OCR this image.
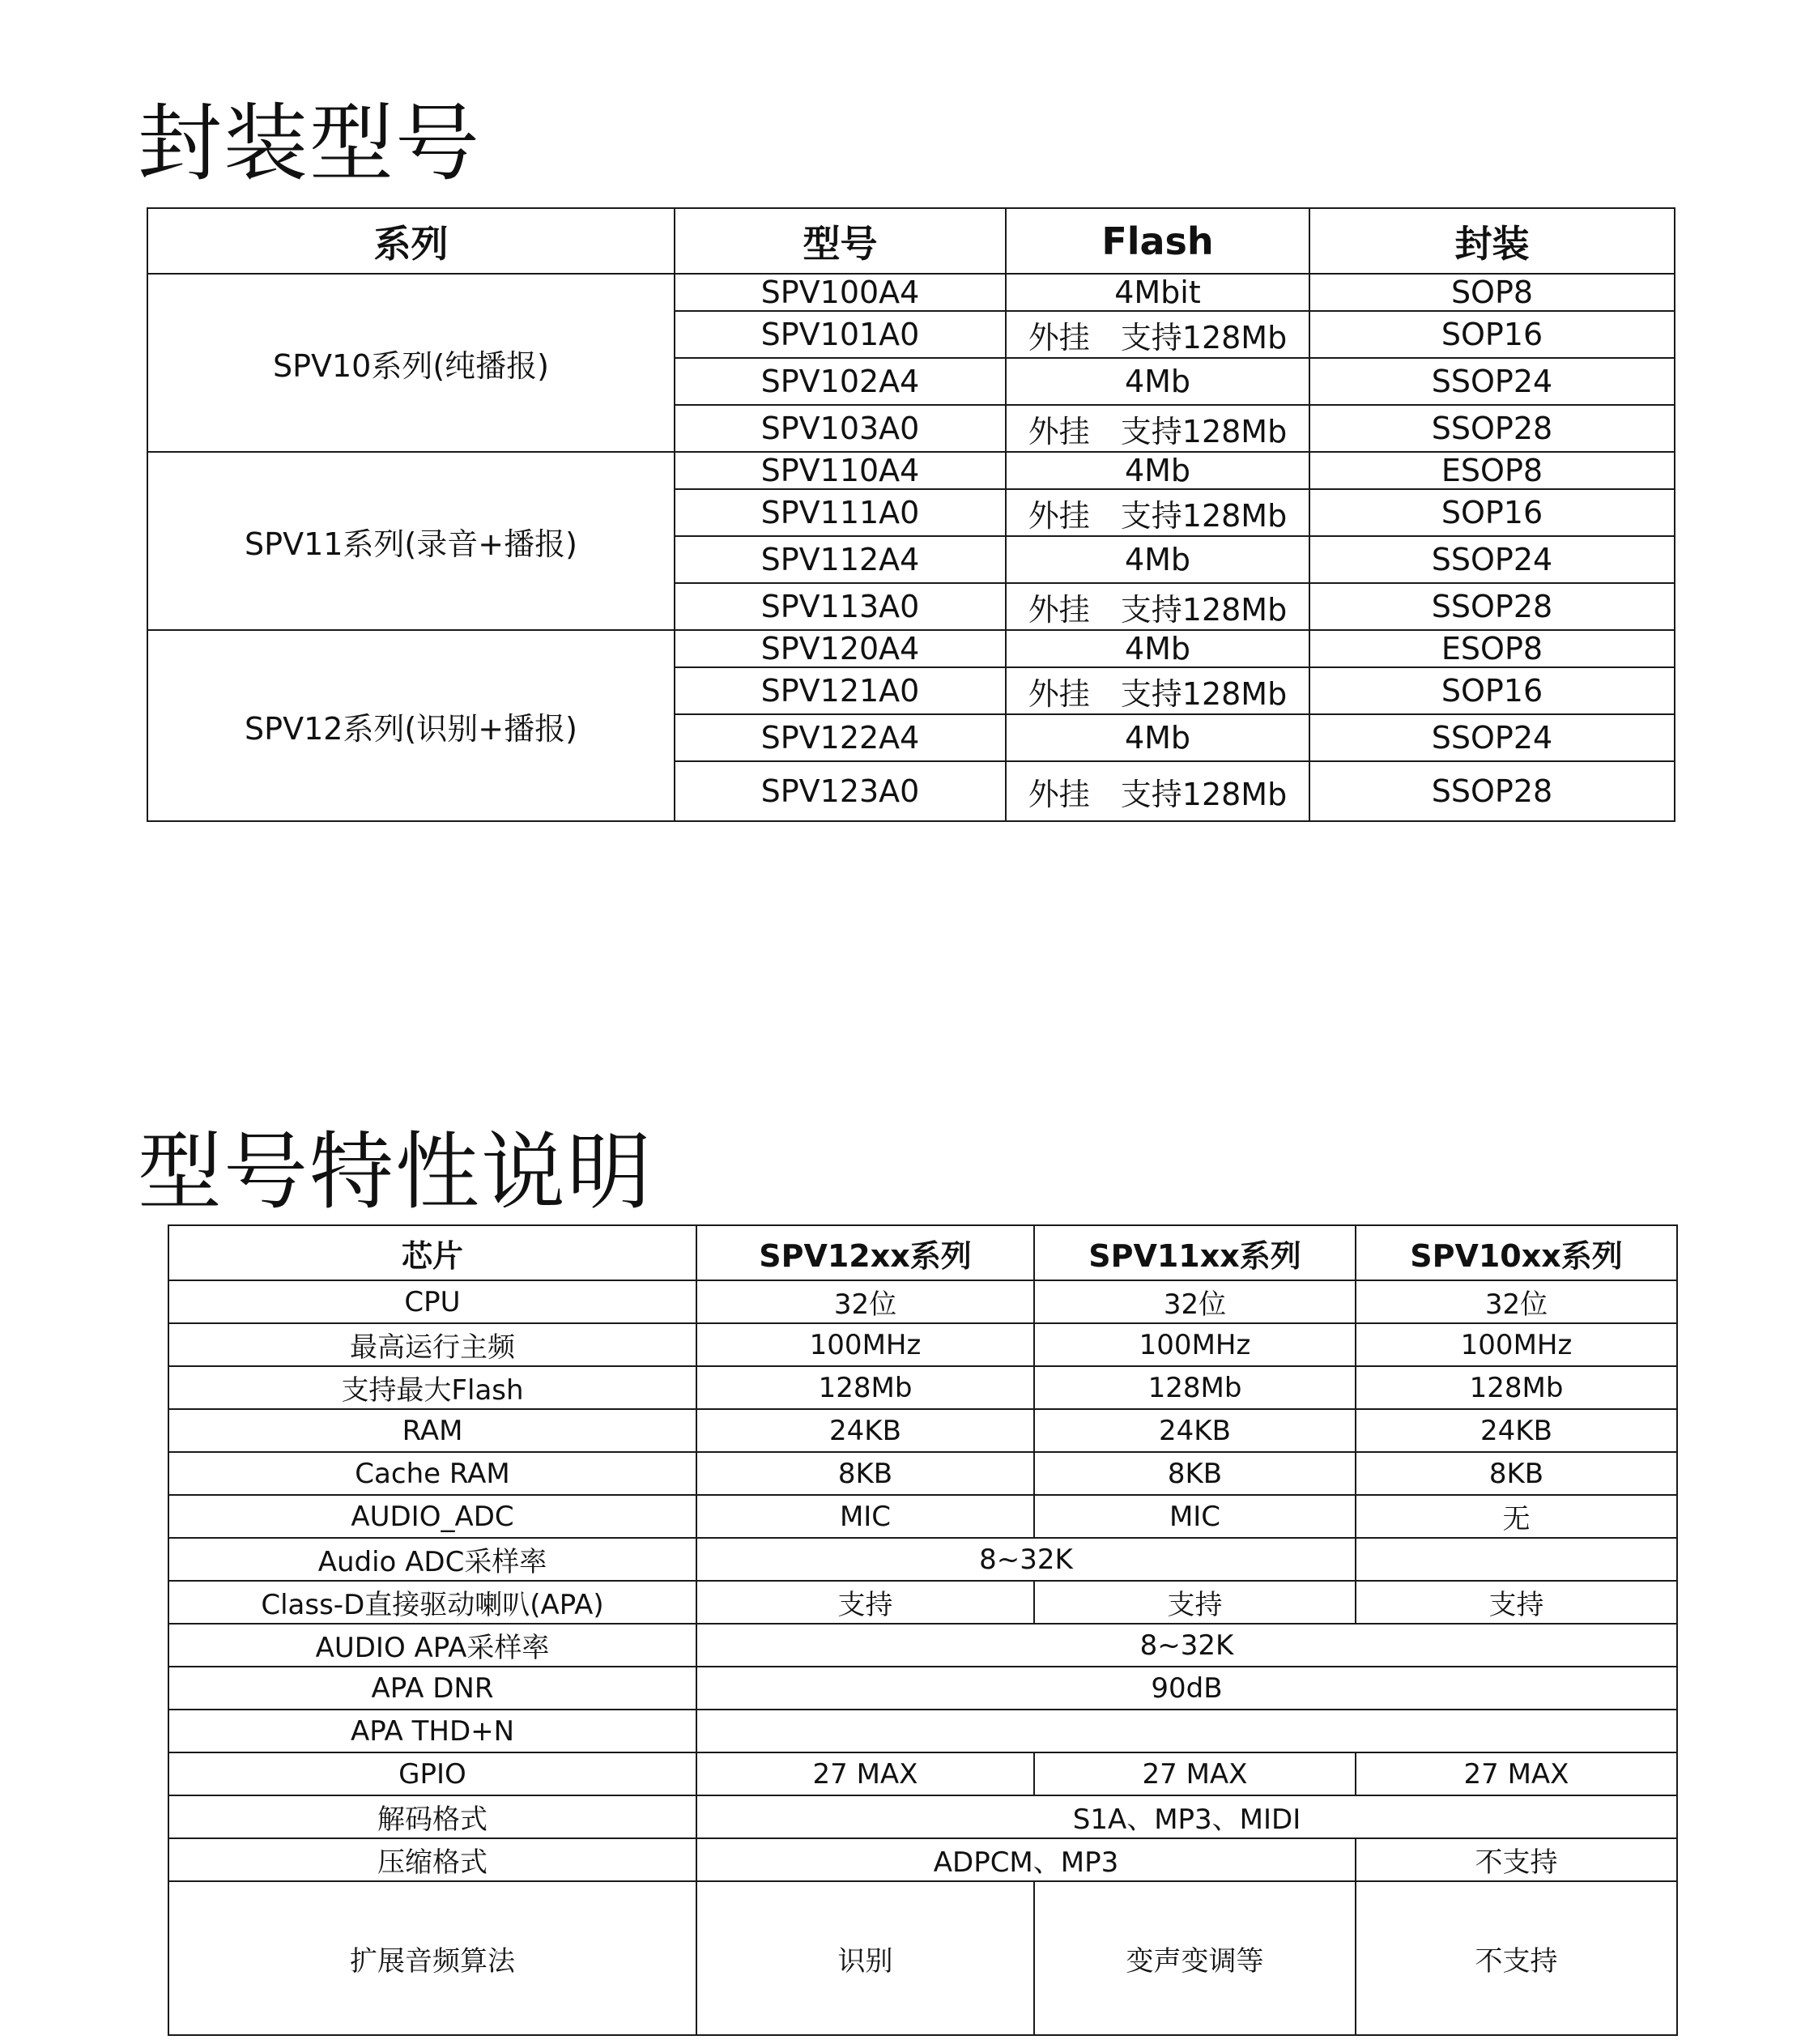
封装型号
系列	型号	Flash	封装
SPV10系列(纯播报)	SPV100A4	4Mbit	SOP8
	SPV101A0	外挂　支持128Mb	SOP16
	SPV102A4	4Mb	SSOP24
	SPV103A0	外挂　支持128Mb	SSOP28
SPV11系列(录音+播报)	SPV110A4	4Mb	ESOP8
	SPV111A0	外挂　支持128Mb	SOP16
	SPV112A4	4Mb	SSOP24
	SPV113A0	外挂　支持128Mb	SSOP28
SPV12系列(识别+播报)	SPV120A4	4Mb	ESOP8
	SPV121A0	外挂　支持128Mb	SOP16
	SPV122A4	4Mb	SSOP24
	SPV123A0	外挂　支持128Mb	SSOP28
型号特性说明
芯片	SPV12xx系列	SPV11xx系列	SPV10xx系列
CPU	32位	32位	32位
最高运行主频	100MHz	100MHz	100MHz
支持最大Flash	128Mb	128Mb	128Mb
RAM	24KB	24KB	24KB
Cache RAM	8KB	8KB	8KB
AUDIO_ADC	MIC	MIC	无
Audio ADC采样率	8~32K		
Class-D直接驱动喇叭(APA)	支持	支持	支持
AUDIO APA采样率	8~32K		
APA DNR	90dB		
APA THD+N			
GPIO	27 MAX	27 MAX	27 MAX
解码格式	S1A、MP3、MIDI		
压缩格式	ADPCM、MP3		不支持
扩展音频算法	识别	变声变调等	不支持
